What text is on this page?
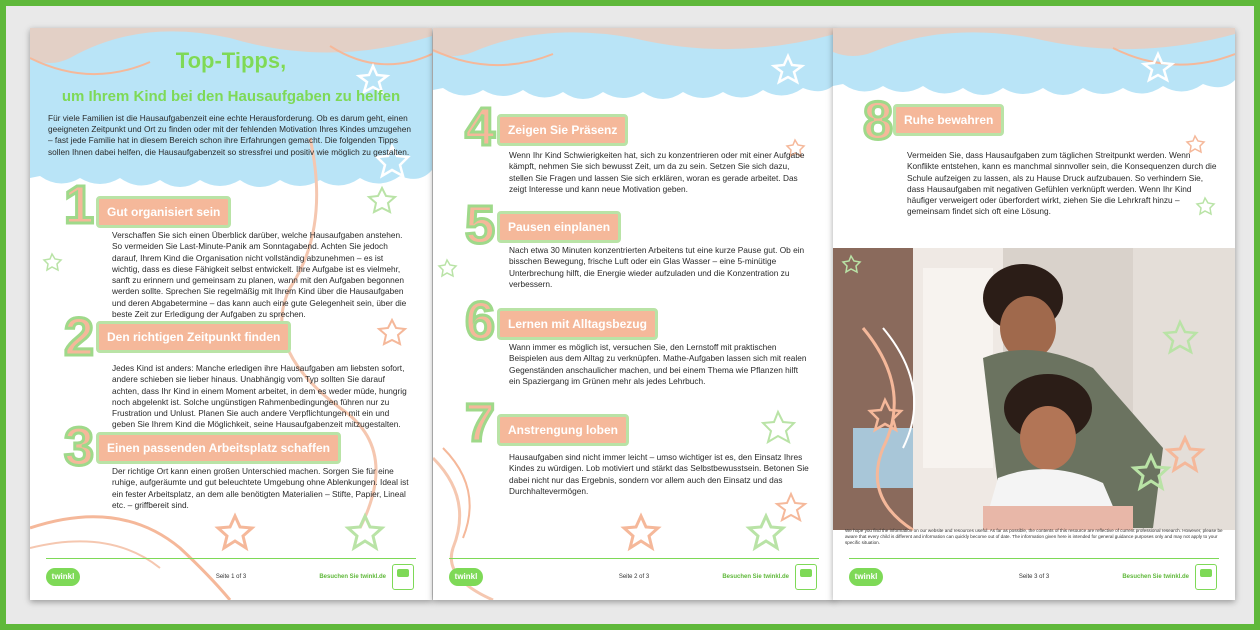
Top-Tipps,
um Ihrem Kind bei den Hausaufgaben zu helfen
Für viele Familien ist die Hausaufgabenzeit eine echte Herausforderung. Ob es darum geht, einen geeigneten Zeitpunkt und Ort zu finden oder mit der fehlenden Motivation Ihres Kindes umzugehen – fast jede Familie hat in diesem Bereich schon ihre Erfahrungen gemacht. Die folgenden Tipps sollen Ihnen dabei helfen, die Hausaufgabenzeit so stressfrei und positiv wie möglich zu gestalten.
1	Gut organisiert sein
Verschaffen Sie sich einen Überblick darüber, welche Hausaufgaben anstehen. So vermeiden Sie Last-Minute-Panik am Sonntagabend. Achten Sie jedoch darauf, Ihrem Kind die Organisation nicht vollständig abzunehmen – es ist wichtig, dass es diese Fähigkeit selbst entwickelt. Ihre Aufgabe ist es vielmehr, sanft zu erinnern und gemeinsam zu planen, wann mit den Aufgaben begonnen werden sollte. Sprechen Sie regelmäßig mit Ihrem Kind über die Hausaufgaben und deren Abgabetermine – das kann auch eine gute Gelegenheit sein, über die beste Zeit zur Erledigung der Aufgaben zu sprechen.
2	Den richtigen Zeitpunkt finden
Jedes Kind ist anders: Manche erledigen ihre Hausaufgaben am liebsten sofort, andere schieben sie lieber hinaus. Unabhängig vom Typ sollten Sie darauf achten, dass Ihr Kind in einem Moment arbeitet, in dem es weder müde, hungrig noch abgelenkt ist. Solche ungünstigen Rahmenbedingungen führen nur zu Frustration und Unlust. Planen Sie auch andere Verpflichtungen mit ein und geben Sie Ihrem Kind die Möglichkeit, seine Hausaufgabenzeit mitzugestalten.
3	Einen passenden Arbeitsplatz schaffen
Der richtige Ort kann einen großen Unterschied machen. Sorgen Sie für eine ruhige, aufgeräumte und gut beleuchtete Umgebung ohne Ablenkungen. Ideal ist ein fester Arbeitsplatz, an dem alle benötigten Materialien – Stifte, Papier, Lineal etc. – griffbereit sind.
twinkl	Seite 1 of 3	Besuchen Sie twinkl.de
4	Zeigen Sie Präsenz
Wenn Ihr Kind Schwierigkeiten hat, sich zu konzentrieren oder mit einer Aufgabe kämpft, nehmen Sie sich bewusst Zeit, um da zu sein. Setzen Sie sich dazu, stellen Sie Fragen und lassen Sie sich erklären, woran es gerade arbeitet. Das zeigt Interesse und kann neue Motivation geben.
5	Pausen einplanen
Nach etwa 30 Minuten konzentrierten Arbeitens tut eine kurze Pause gut. Ob ein bisschen Bewegung, frische Luft oder ein Glas Wasser – eine 5-minütige Unterbrechung hilft, die Energie wieder aufzuladen und die Konzentration zu verbessern.
6	Lernen mit Alltagsbezug
Wann immer es möglich ist, versuchen Sie, den Lernstoff mit praktischen Beispielen aus dem Alltag zu verknüpfen. Mathe-Aufgaben lassen sich mit realen Gegenständen anschaulicher machen, und bei einem Thema wie Pflanzen hilft ein Spaziergang im Grünen mehr als jedes Lehrbuch.
7	Anstrengung loben
Hausaufgaben sind nicht immer leicht – umso wichtiger ist es, den Einsatz Ihres Kindes zu würdigen. Lob motiviert und stärkt das Selbstbewusstsein. Betonen Sie dabei nicht nur das Ergebnis, sondern vor allem auch den Einsatz und das Durchhaltevermögen.
twinkl	Seite 2 of 3	Besuchen Sie twinkl.de
8 Ruhe bewahren
Vermeiden Sie, dass Hausaufgaben zum täglichen Streitpunkt werden. Wenn Konflikte entstehen, kann es manchmal sinnvoller sein, die Konsequenzen durch die Schule aufzeigen zu lassen, als zu Hause Druck aufzubauen. So verhindern Sie, dass Hausaufgaben mit negativen Gefühlen verknüpft werden. Wenn Ihr Kind häufiger verweigert oder überfordert wirkt, ziehen Sie die Lehrkraft hinzu – gemeinsam findet sich oft eine Lösung.
We hope you find the information on our website and resources useful. As far as possible, the contents of this resource are reflective of current professional research. However, please be aware that every child is different and information can quickly become out of date. The information given here is intended for general guidance purposes only and may not apply to your specific situation.
twinkl	Seite 3 of 3	Besuchen Sie twinkl.de
